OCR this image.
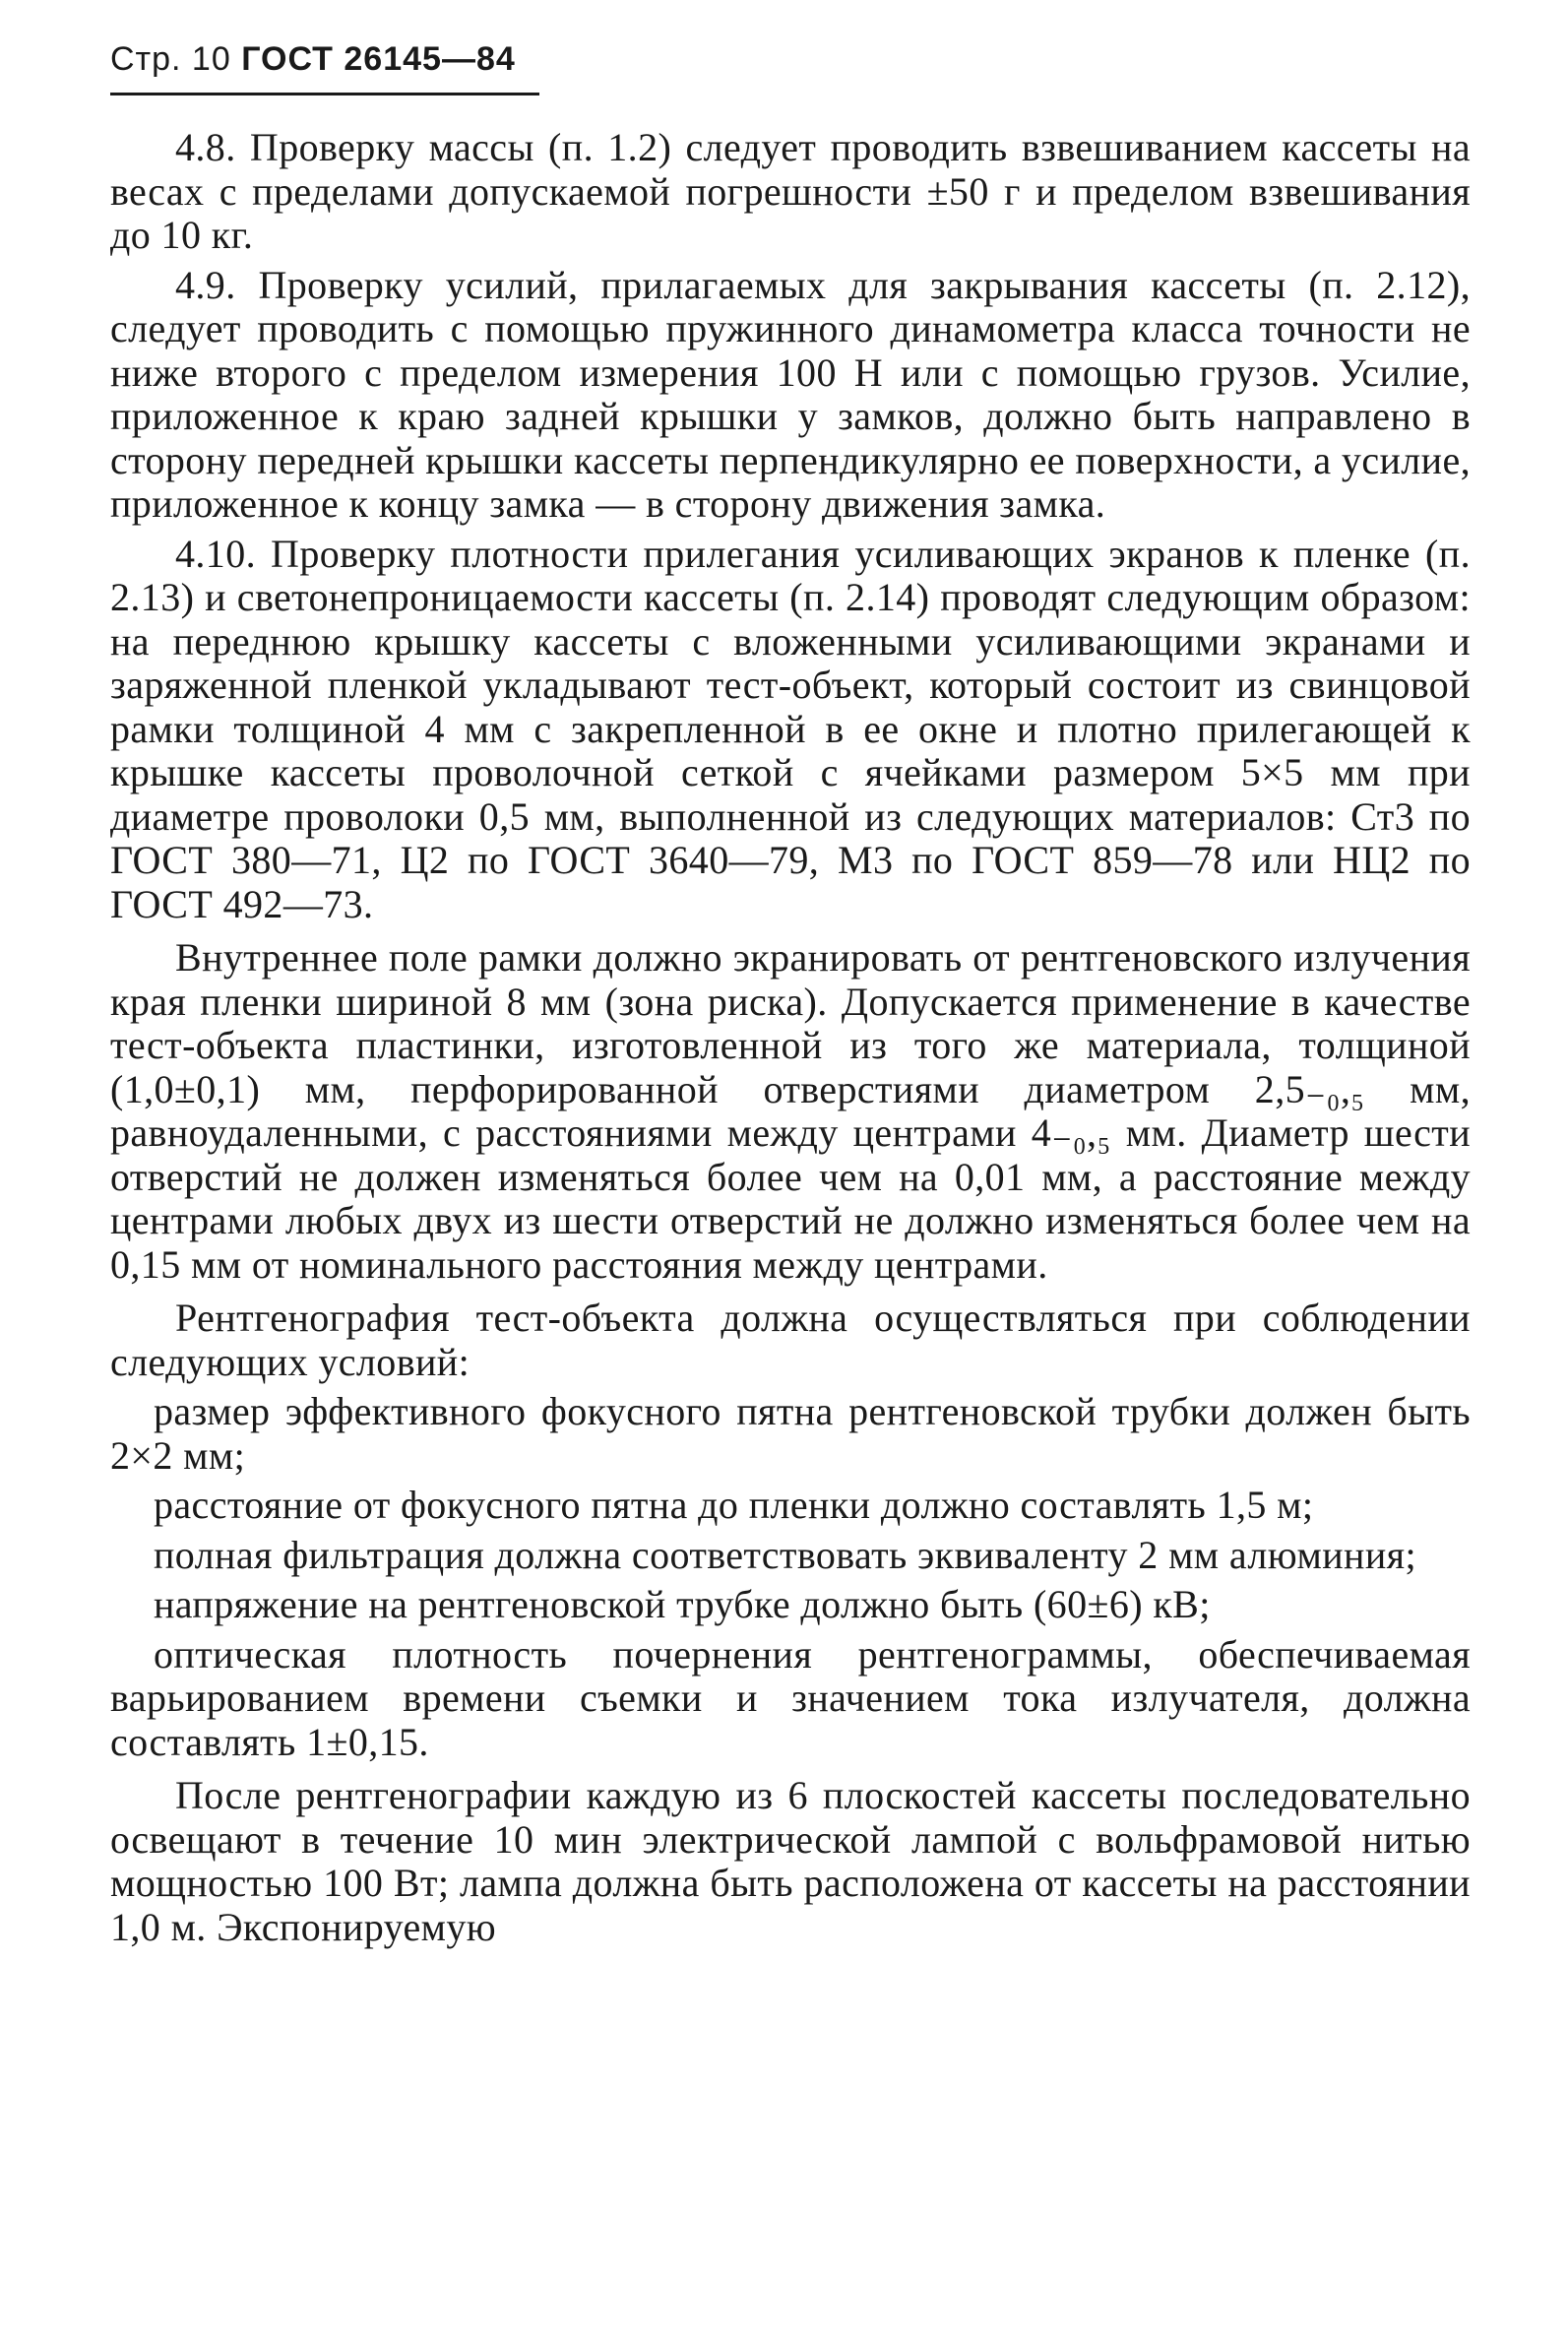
Стр. 10 ГОСТ 26145—84

4.8. Проверку массы (п. 1.2) следует проводить взвешиванием кассеты на весах с пределами допускаемой погрешности ±50 г и пределом взвешивания до 10 кг.

4.9. Проверку усилий, прилагаемых для закрывания кассеты (п. 2.12), следует проводить с помощью пружинного динамометра класса точности не ниже второго с пределом измерения 100 Н или с помощью грузов. Усилие, приложенное к краю задней крышки у замков, должно быть направлено в сторону передней крышки кассеты перпендикулярно ее поверхности, а усилие, приложенное к концу замка — в сторону движения замка.

4.10. Проверку плотности прилегания усиливающих экранов к пленке (п. 2.13) и светонепроницаемости кассеты (п. 2.14) проводят следующим образом: на переднюю крышку кассеты с вложенными усиливающими экранами и заряженной пленкой укладывают тест-объект, который состоит из свинцовой рамки толщиной 4 мм с закрепленной в ее окне и плотно прилегающей к крышке кассеты проволочной сеткой с ячейками размером 5×5 мм при диаметре проволоки 0,5 мм, выполненной из следующих материалов: Ст3 по ГОСТ 380—71, Ц2 по ГОСТ 3640—79, М3 по ГОСТ 859—78 или НЦ2 по ГОСТ 492—73.

Внутреннее поле рамки должно экранировать от рентгеновского излучения края пленки шириной 8 мм (зона риска). Допускается применение в качестве тест-объекта пластинки, изготовленной из того же материала, толщиной (1,0±0,1) мм, перфорированной отверстиями диаметром 2,5₋₀,₅ мм, равноудаленными, с расстояниями между центрами 4₋₀,₅ мм. Диаметр шести отверстий не должен изменяться более чем на 0,01 мм, а расстояние между центрами любых двух из шести отверстий не должно изменяться более чем на 0,15 мм от номинального расстояния между центрами.

Рентгенография тест-объекта должна осуществляться при соблюдении следующих условий:

размер эффективного фокусного пятна рентгеновской трубки должен быть 2×2 мм;

расстояние от фокусного пятна до пленки должно составлять 1,5 м;

полная фильтрация должна соответствовать эквиваленту 2 мм алюминия;

напряжение на рентгеновской трубке должно быть (60±6) кВ;

оптическая плотность почернения рентгенограммы, обеспечиваемая варьированием времени съемки и значением тока излучателя, должна составлять 1±0,15.

После рентгенографии каждую из 6 плоскостей кассеты последовательно освещают в течение 10 мин электрической лампой с вольфрамовой нитью мощностью 100 Вт; лампа должна быть расположена от кассеты на расстоянии 1,0 м. Экспонируемую
